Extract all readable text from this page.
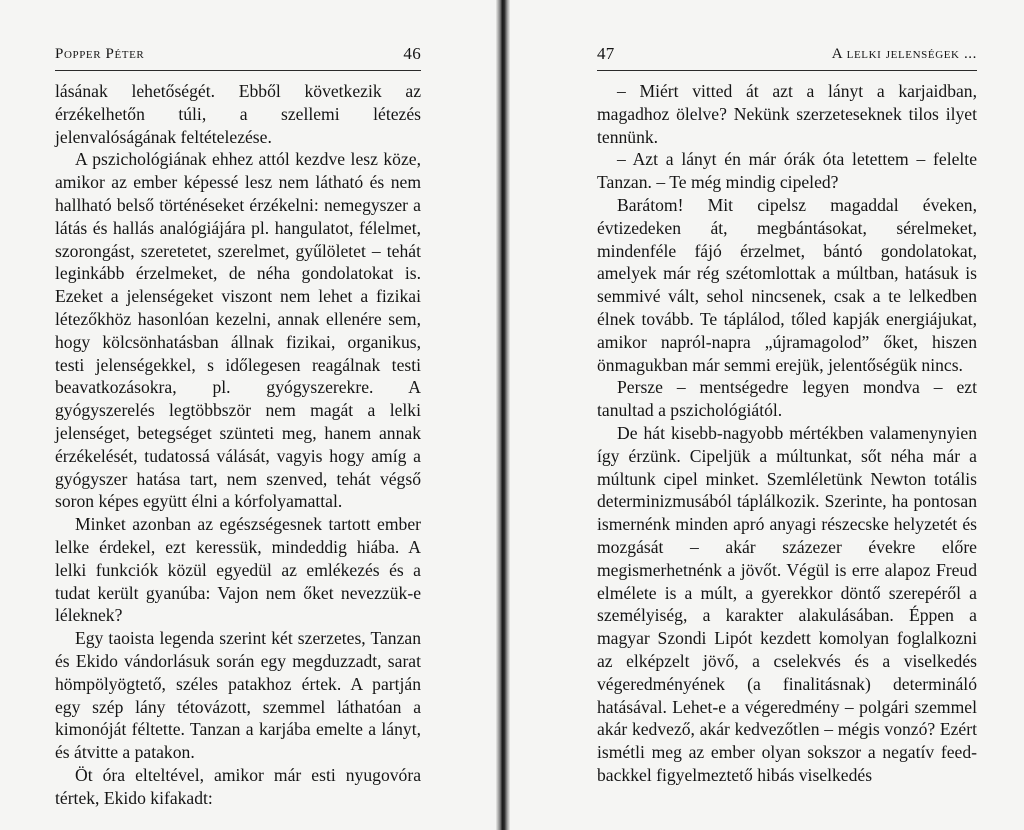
Popper Péter	46

lásának lehetőségét. Ebből következik az érzékelhetőn túli, a szellemi létezés jelenvalóságának feltételezése.

A pszichológiának ehhez attól kezdve lesz köze, amikor az ember képessé lesz nem látható és nem hallható belső történéseket érzékelni: nemegyszer a látás és hallás analógiájára pl. hangulatot, félelmet, szorongást, szeretetet, szerelmet, gyűlöletet – tehát leginkább érzelmeket, de néha gondolatokat is. Ezeket a jelenségeket viszont nem lehet a fizikai létezőkhöz hasonlóan kezelni, annak ellenére sem, hogy kölcsönhatásban állnak fizikai, organikus, testi jelenségekkel, s időlegesen reagálnak testi beavatkozásokra, pl. gyógyszerekre. A gyógyszerelés legtöbbször nem magát a lelki jelenséget, betegséget szünteti meg, hanem annak érzékelését, tudatossá válását, vagyis hogy amíg a gyógyszer hatása tart, nem szenved, tehát végső soron képes együtt élni a kórfolyamattal.

Minket azonban az egészségesnek tartott ember lelke érdekel, ezt keressük, mindeddig hiába. A lelki funkciók közül egyedül az emlékezés és a tudat került gyanúba: Vajon nem őket nevezzük-e léleknek?

Egy taoista legenda szerint két szerzetes, Tanzan és Ekido vándorlásuk során egy megduzzadt, sarat hömpölyögtető, széles patakhoz értek. A partján egy szép lány tétovázott, szemmel láthatóan a kimonóját féltette. Tanzan a karjába emelte a lányt, és átvitte a patakon.

Öt óra elteltével, amikor már esti nyugovóra tértek, Ekido kifakadt:

47	A lelki jelenségek ...

– Miért vitted át azt a lányt a karjaidban, magadhoz ölelve? Nekünk szerzeteseknek tilos ilyet tennünk.

– Azt a lányt én már órák óta letettem – felelte Tanzan. – Te még mindig cipeled?

Barátom! Mit cipelsz magaddal éveken, évtizedeken át, megbántásokat, sérelmeket, mindenféle fájó érzelmet, bántó gondolatokat, amelyek már rég szétomlottak a múltban, hatásuk is semmivé vált, sehol nincsenek, csak a te lelkedben élnek tovább. Te táplálod, tőled kapják energiájukat, amikor napról-napra „újramagolod” őket, hiszen önmagukban már semmi erejük, jelentőségük nincs.

Persze – mentségedre legyen mondva – ezt tanultad a pszichológiától.

De hát kisebb-nagyobb mértékben valamenynyien így érzünk. Cipeljük a múltunkat, sőt néha már a múltunk cipel minket. Szemléletünk Newton totális determinizmusából táplálkozik. Szerinte, ha pontosan ismernénk minden apró anyagi részecske helyzetét és mozgását – akár százezer évekre előre megismerhetnénk a jövőt. Végül is erre alapoz Freud elmélete is a múlt, a gyerekkor döntő szerepéről a személyiség, a karakter alakulásában. Éppen a magyar Szondi Lipót kezdett komolyan foglalkozni az elképzelt jövő, a cselekvés és a viselkedés végeredményének (a finalitásnak) determináló hatásával. Lehet-e a végeredmény – polgári szemmel akár kedvező, akár kedvezőtlen – mégis vonzó? Ezért ismétli meg az ember olyan sokszor a negatív feed-backkel figyelmeztető hibás viselkedés
